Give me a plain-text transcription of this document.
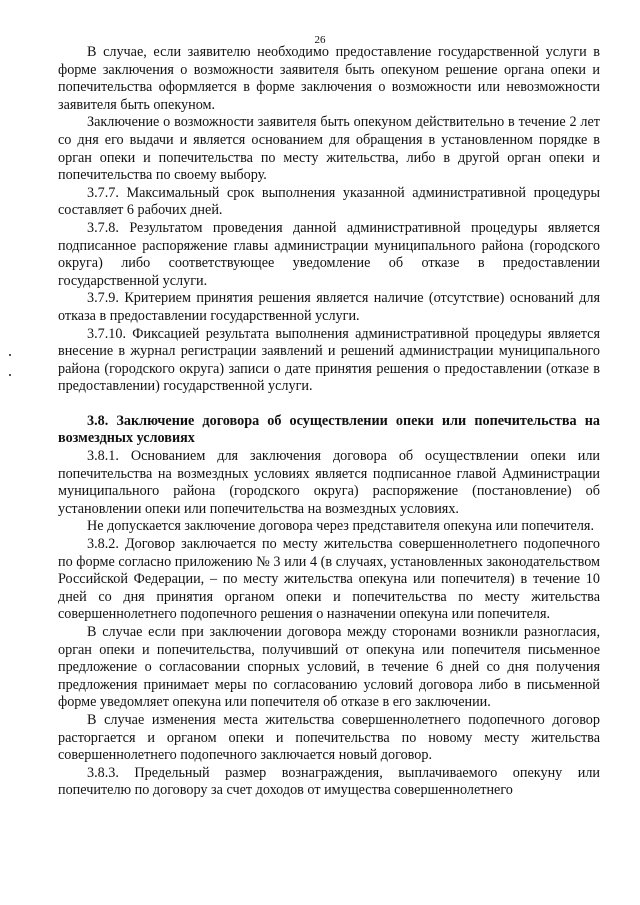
26

В случае, если заявителю необходимо предоставление государственной услуги в форме заключения о возможности заявителя быть опекуном решение органа опеки и попечительства оформляется в форме заключения о возможности или невозможности заявителя быть опекуном.

Заключение о возможности заявителя быть опекуном действительно в течение 2 лет со дня его выдачи и является основанием для обращения в установленном порядке в орган опеки и попечительства по месту жительства, либо в другой орган опеки и попечительства по своему выбору.

3.7.7. Максимальный срок выполнения указанной административной процедуры составляет 6 рабочих дней.

3.7.8. Результатом проведения данной административной процедуры является подписанное распоряжение главы администрации муниципального района (городского округа) либо соответствующее уведомление об отказе в предоставлении государственной услуги.

3.7.9. Критерием принятия решения является наличие (отсутствие) оснований для отказа в предоставлении государственной услуги.

3.7.10. Фиксацией результата выполнения административной процедуры является внесение в журнал регистрации заявлений и решений администрации муниципального района (городского округа) записи о дате принятия решения о предоставлении (отказе в предоставлении) государственной услуги.

3.8. Заключение договора об осуществлении опеки или попечительства на возмездных условиях

3.8.1. Основанием для заключения договора об осуществлении опеки или попечительства на возмездных условиях является подписанное главой Администрации муниципального района (городского округа) распоряжение (постановление) об установлении опеки или попечительства на возмездных условиях.

Не допускается заключение договора через представителя опекуна или попечителя.

3.8.2. Договор заключается по месту жительства совершеннолетнего подопечного по форме согласно приложению № 3 или 4 (в случаях, установленных законодательством Российской Федерации, – по месту жительства опекуна или попечителя) в течение 10 дней со дня принятия органом опеки и попечительства по месту жительства совершеннолетнего подопечного решения о назначении опекуна или попечителя.

В случае если при заключении договора между сторонами возникли разногласия, орган опеки и попечительства, получивший от опекуна или попечителя письменное предложение о согласовании спорных условий, в течение 6 дней со дня получения предложения принимает меры по согласованию условий договора либо в письменной форме уведомляет опекуна или попечителя об отказе в его заключении.

В случае изменения места жительства совершеннолетнего подопечного договор расторгается и органом опеки и попечительства по новому месту жительства совершеннолетнего подопечного заключается новый договор.

3.8.3. Предельный размер вознаграждения, выплачиваемого опекуну или попечителю по договору за счет доходов от имущества совершеннолетнего
